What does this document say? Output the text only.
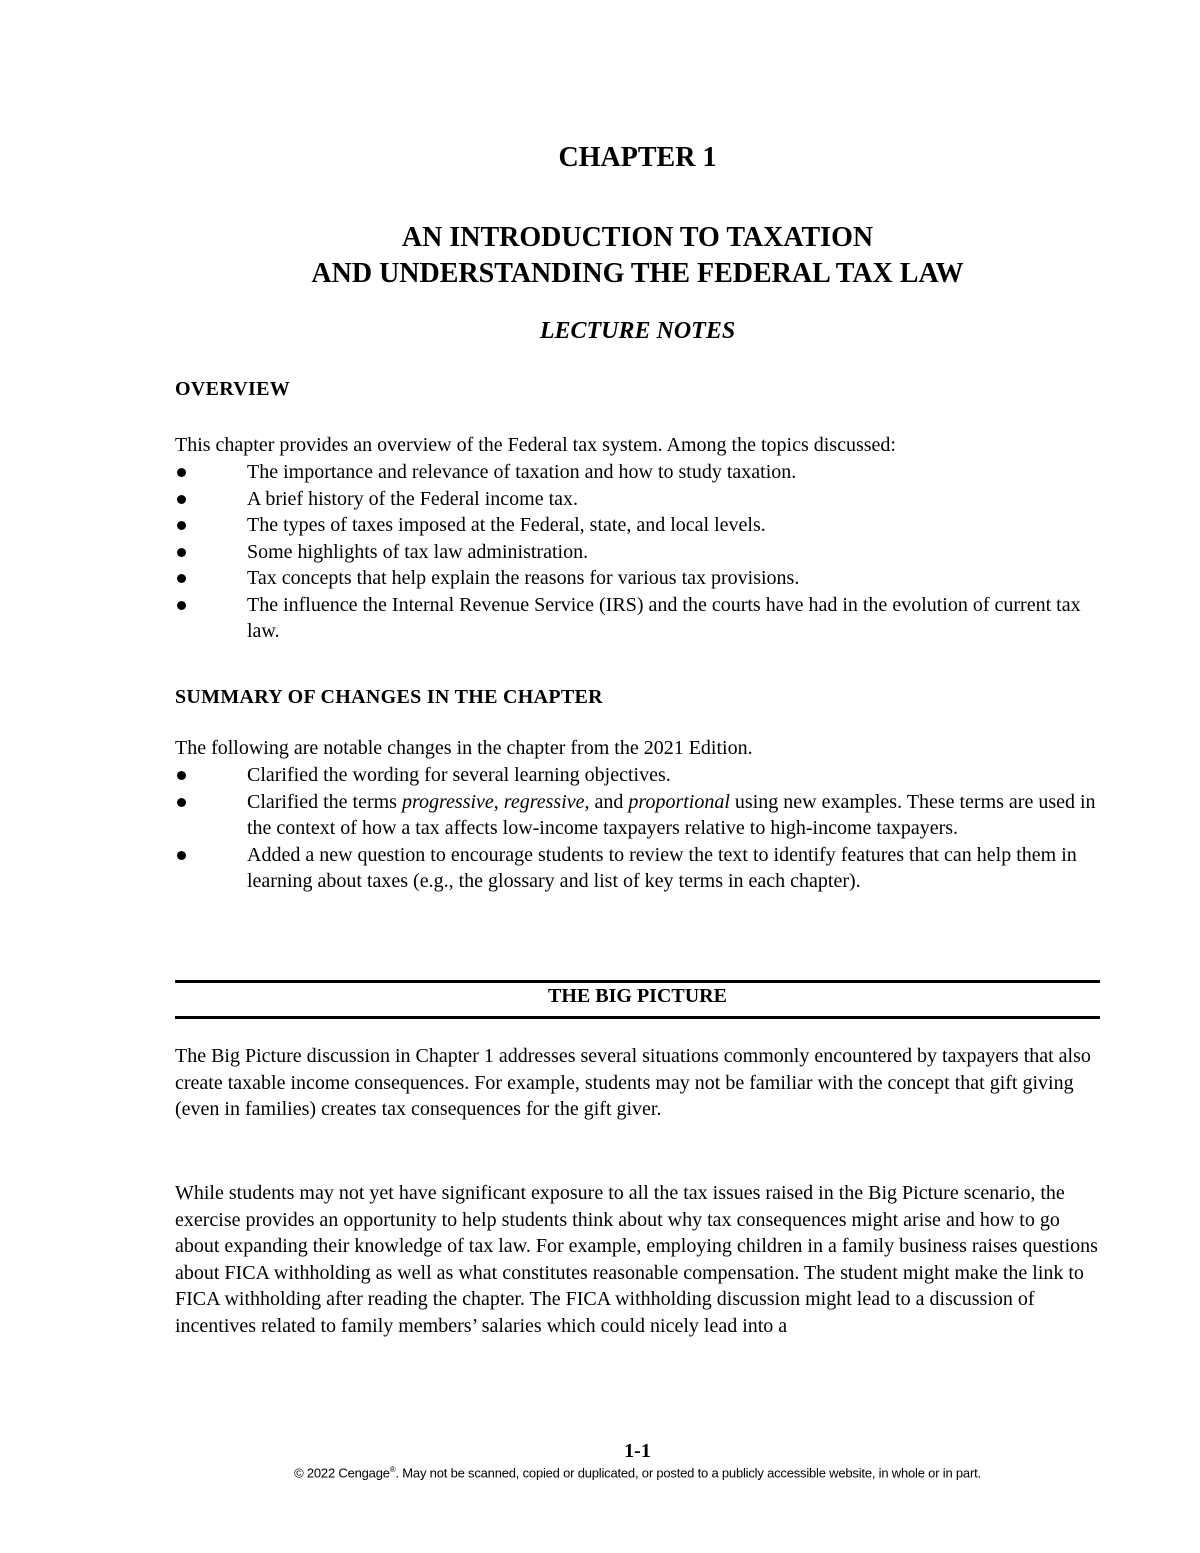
CHAPTER 1
AN INTRODUCTION TO TAXATION
AND UNDERSTANDING THE FEDERAL TAX LAW
LECTURE NOTES
OVERVIEW
This chapter provides an overview of the Federal tax system. Among the topics discussed:
The importance and relevance of taxation and how to study taxation.
A brief history of the Federal income tax.
The types of taxes imposed at the Federal, state, and local levels.
Some highlights of tax law administration.
Tax concepts that help explain the reasons for various tax provisions.
The influence the Internal Revenue Service (IRS) and the courts have had in the evolution of current tax law.
SUMMARY OF CHANGES IN THE CHAPTER
The following are notable changes in the chapter from the 2021 Edition.
Clarified the wording for several learning objectives.
Clarified the terms progressive, regressive, and proportional using new examples. These terms are used in the context of how a tax affects low-income taxpayers relative to high-income taxpayers.
Added a new question to encourage students to review the text to identify features that can help them in learning about taxes (e.g., the glossary and list of key terms in each chapter).
THE BIG PICTURE
The Big Picture discussion in Chapter 1 addresses several situations commonly encountered by taxpayers that also create taxable income consequences. For example, students may not be familiar with the concept that gift giving (even in families) creates tax consequences for the gift giver.
While students may not yet have significant exposure to all the tax issues raised in the Big Picture scenario, the exercise provides an opportunity to help students think about why tax consequences might arise and how to go about expanding their knowledge of tax law. For example, employing children in a family business raises questions about FICA withholding as well as what constitutes reasonable compensation. The student might make the link to FICA withholding after reading the chapter. The FICA withholding discussion might lead to a discussion of incentives related to family members’ salaries which could nicely lead into a
1-1
© 2022 Cengage®. May not be scanned, copied or duplicated, or posted to a publicly accessible website, in whole or in part.
